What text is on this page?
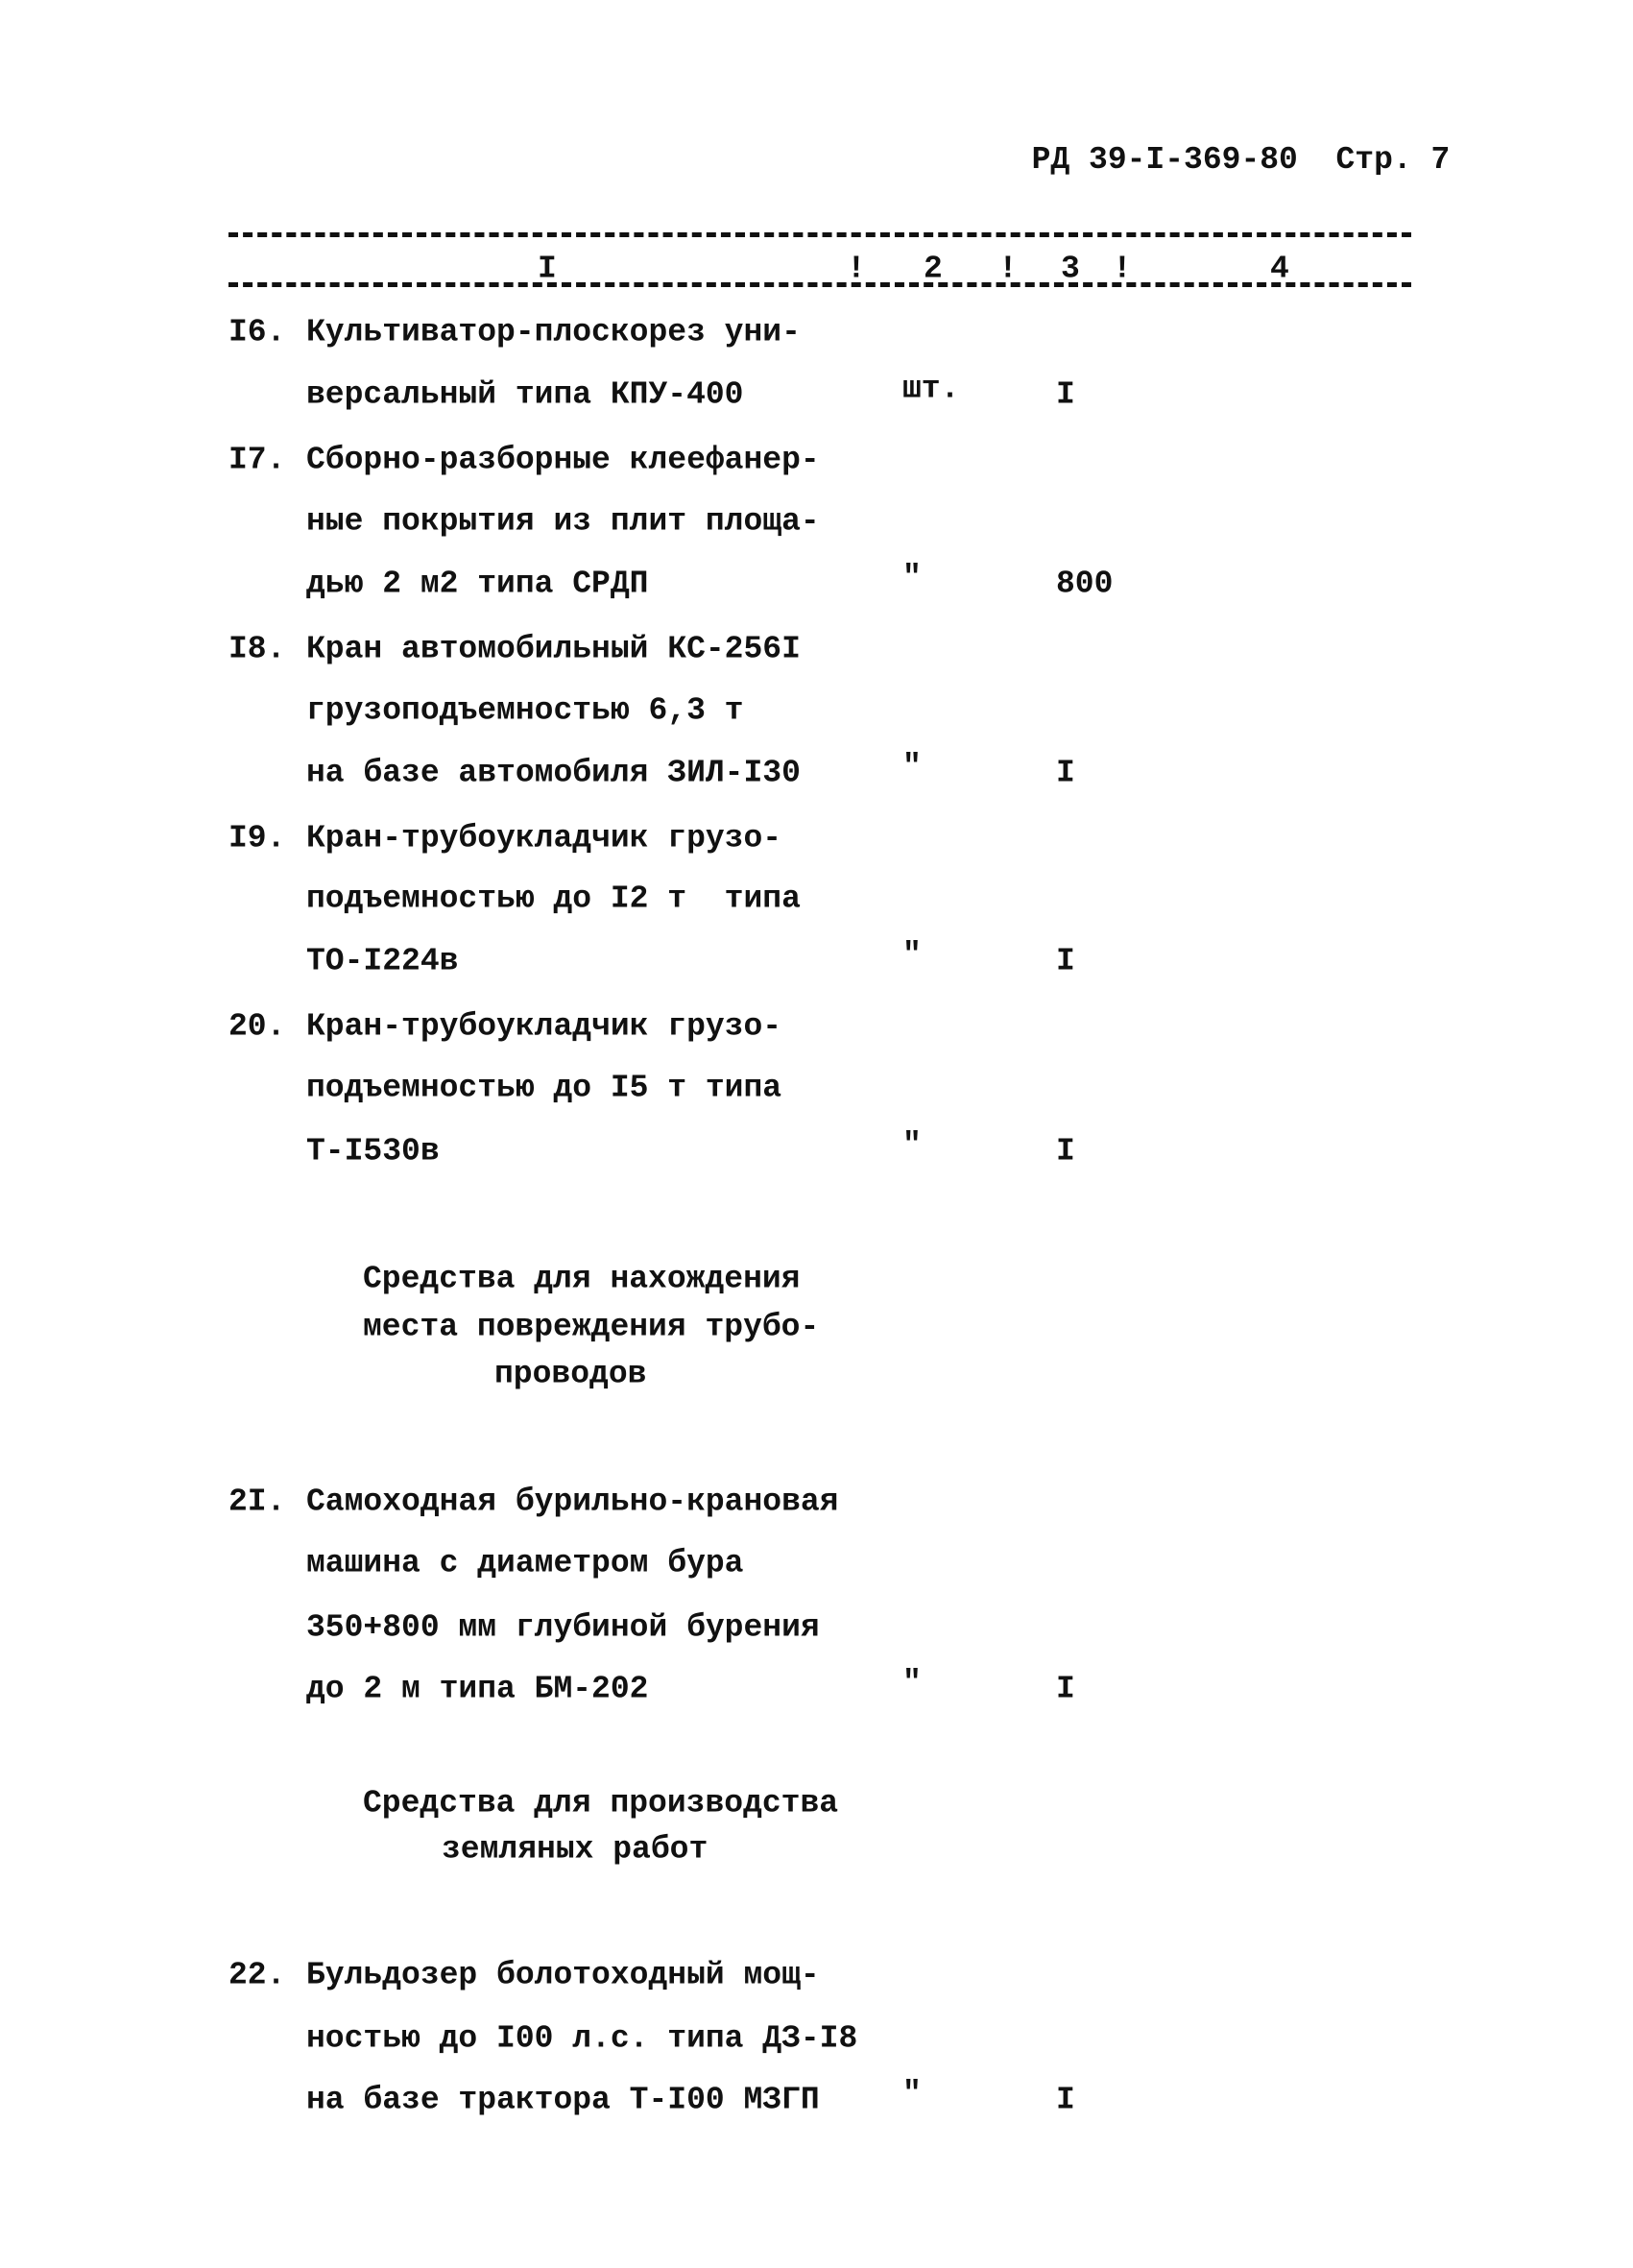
РД 39-I-369-80 Стр. 7

I	! 2 ! 3 !	4
I6. Культиватор-плоскорез уни-
версальный типа КПУ-400	шт.	I
I7. Сборно-разборные клеефанер-
ные покрытия из плит площа-
дью 2 м2 типа СРДП	"	800
I8. Кран автомобильный КС-256I
грузоподъемностью 6,3 т
на базе автомобиля ЗИЛ-I30	"	I
I9. Кран-трубоукладчик грузо-
подъемностью до I2 т  типа
ТО-I224в	"	I
20. Кран-трубоукладчик грузо-
подъемностью до I5 т типа
Т-I530в	"	I
2I. Самоходная бурильно-крановая
машина с диаметром бура
350+800 мм глубиной бурения
до 2 м типа БМ-202	"	I
22. Бульдозер болотоходный мощ-
ностью до I00 л.с. типа ДЗ-I8
на базе трактора Т-I00 МЗГП	"	I
Средства для нахождения
места повреждения трубо-
проводов
Средства для производства
земляных работ
